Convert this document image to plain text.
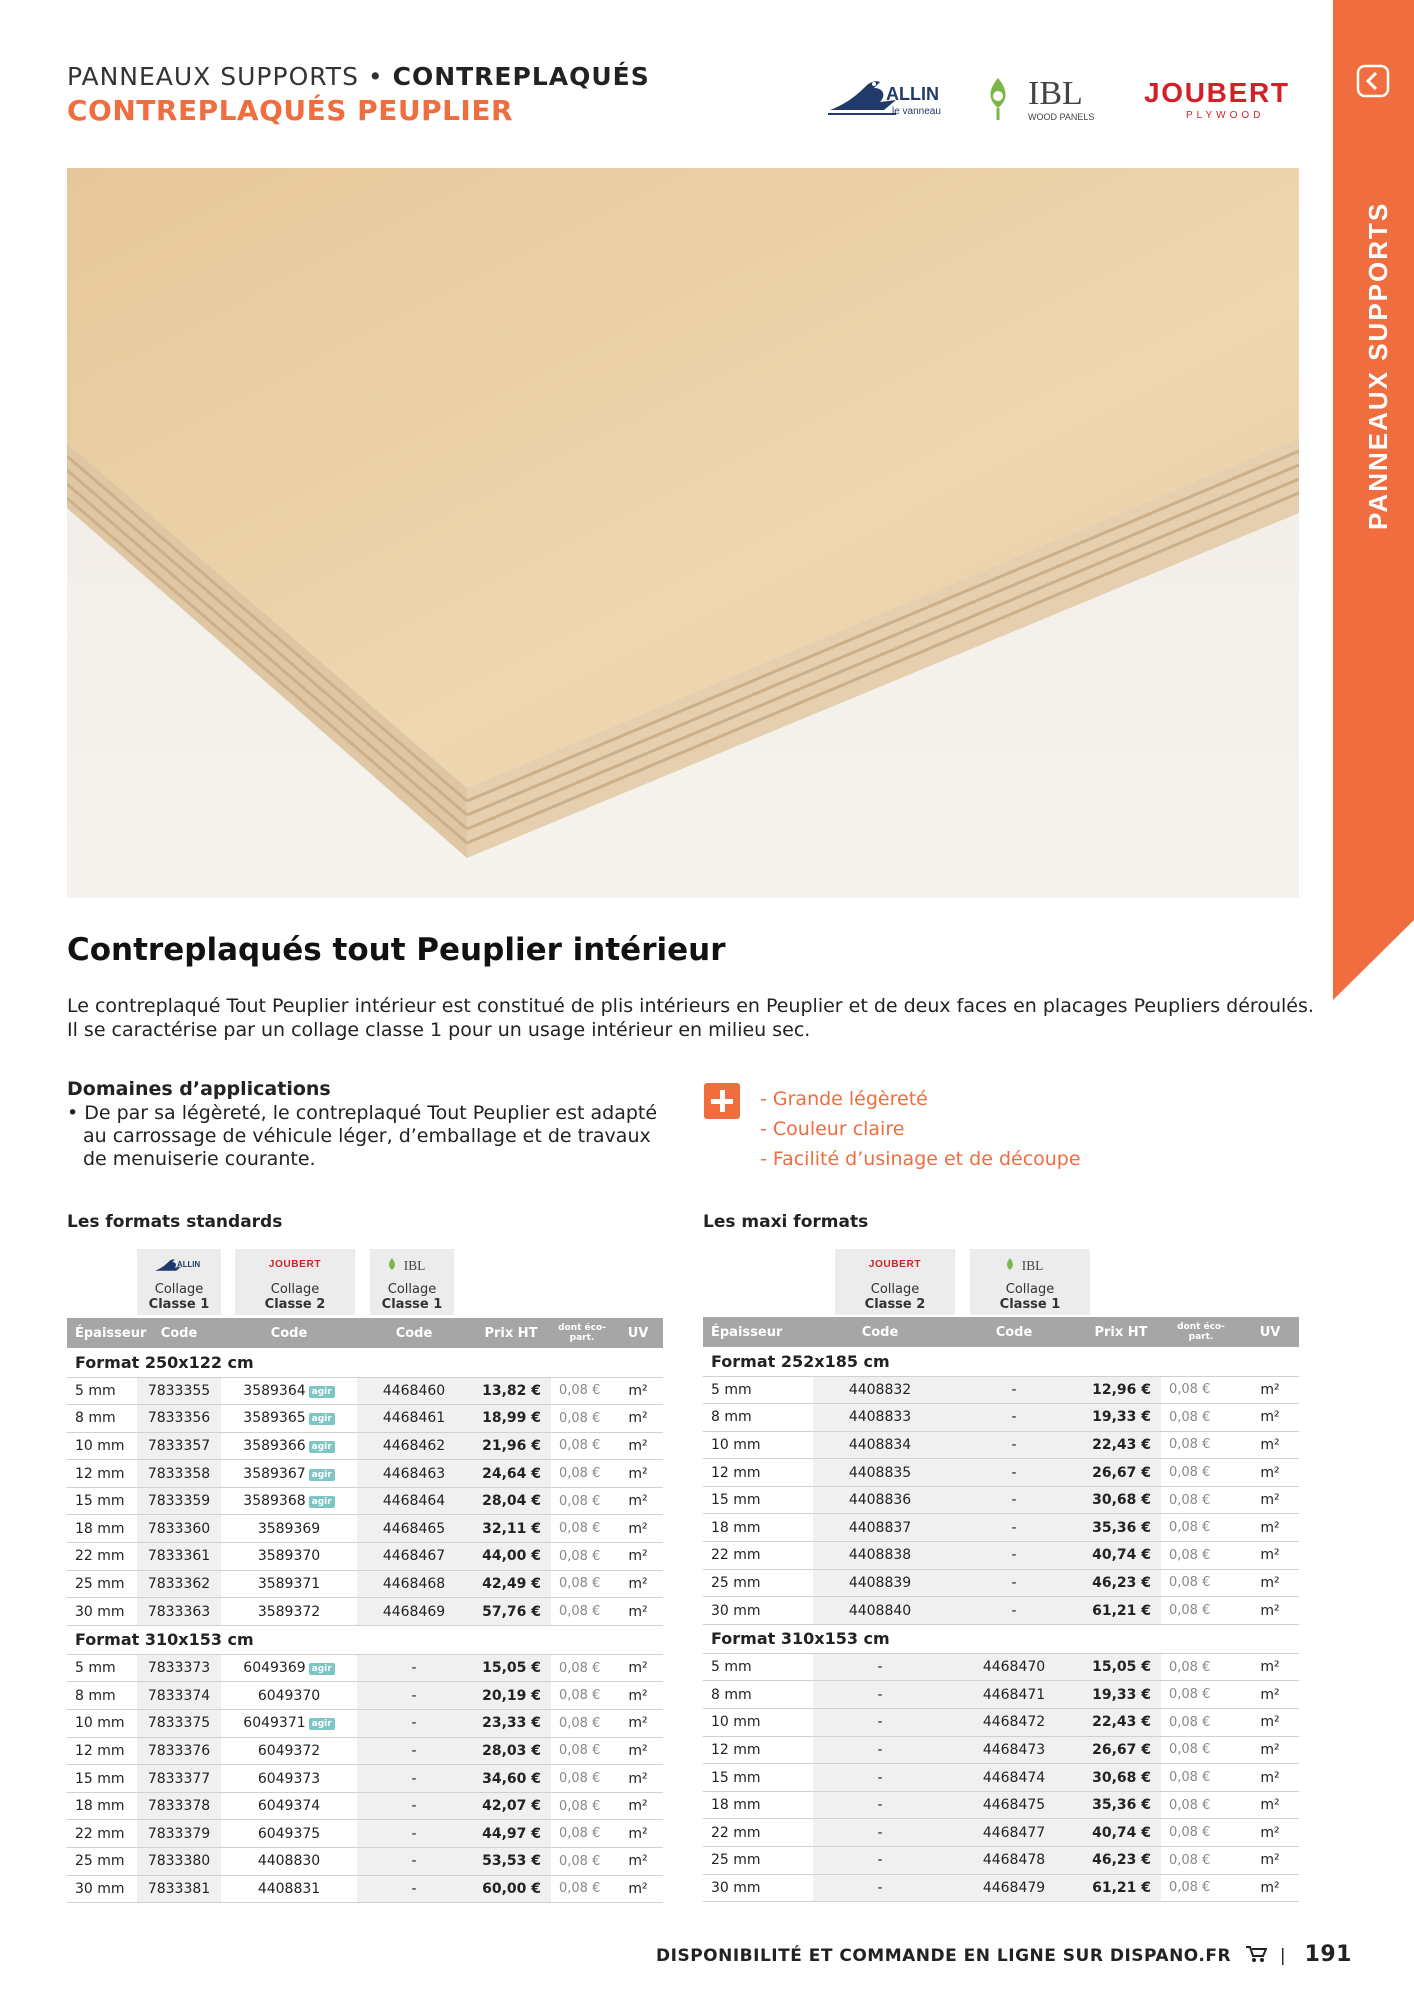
PANNEAUX SUPPORTS • CONTREPLAQUÉS
CONTREPLAQUÉS PEUPLIER	ALLIN
le vanneau	IBL
WOOD PANELS
JOUBERT
PLYWOOD
PANNEAUX SUPPORTS
Contreplaqués tout Peuplier intérieur
Le contreplaqué Tout Peuplier intérieur est constitué de plis intérieurs en Peuplier et de deux faces en placages Peupliers déroulés. Il se caractérise par un collage classe 1 pour un usage intérieur en milieu sec.
Domaines d’applications
• De par sa légèreté, le contreplaqué Tout Peuplier est adapté au carrossage de véhicule léger, d’emballage et de travaux de menuiserie courante.
- Grande légèreté
- Couleur claire
- Facilité d’usinage et de découpe
Les formats standards
ALLIN
Collage
Classe 1
JOUBERT
Collage
Classe 2
IBL
Collage
Classe 1
Épaisseur	Code	Code	Code	Prix HT	dont éco-part.	UV
Format 250x122 cm						
5 mm	7833355	3589364 agir	4468460	13,82 €	0,08 €	m²
8 mm	7833356	3589365 agir	4468461	18,99 €	0,08 €	m²
10 mm	7833357	3589366 agir	4468462	21,96 €	0,08 €	m²
12 mm	7833358	3589367 agir	4468463	24,64 €	0,08 €	m²
15 mm	7833359	3589368 agir	4468464	28,04 €	0,08 €	m²
18 mm	7833360	3589369	4468465	32,11 €	0,08 €	m²
22 mm	7833361	3589370	4468467	44,00 €	0,08 €	m²
25 mm	7833362	3589371	4468468	42,49 €	0,08 €	m²
30 mm	7833363	3589372	4468469	57,76 €	0,08 €	m²
Format 310x153 cm						
5 mm	7833373	6049369 agir	-	15,05 €	0,08 €	m²
8 mm	7833374	6049370	-	20,19 €	0,08 €	m²
10 mm	7833375	6049371 agir	-	23,33 €	0,08 €	m²
12 mm	7833376	6049372	-	28,03 €	0,08 €	m²
15 mm	7833377	6049373	-	34,60 €	0,08 €	m²
18 mm	7833378	6049374	-	42,07 €	0,08 €	m²
22 mm	7833379	6049375	-	44,97 €	0,08 €	m²
25 mm	7833380	4408830	-	53,53 €	0,08 €	m²
30 mm	7833381	4408831	-	60,00 €	0,08 €	m²
Les maxi formats
JOUBERT
Collage
Classe 2
IBL
Collage
Classe 1
Épaisseur	Code	Code	Prix HT	dont éco-part.	UV
Format 252x185 cm					
5 mm	4408832	-	12,96 €	0,08 €	m²
8 mm	4408833	-	19,33 €	0,08 €	m²
10 mm	4408834	-	22,43 €	0,08 €	m²
12 mm	4408835	-	26,67 €	0,08 €	m²
15 mm	4408836	-	30,68 €	0,08 €	m²
18 mm	4408837	-	35,36 €	0,08 €	m²
22 mm	4408838	-	40,74 €	0,08 €	m²
25 mm	4408839	-	46,23 €	0,08 €	m²
30 mm	4408840	-	61,21 €	0,08 €	m²
Format 310x153 cm					
5 mm	-	4468470	15,05 €	0,08 €	m²
8 mm	-	4468471	19,33 €	0,08 €	m²
10 mm	-	4468472	22,43 €	0,08 €	m²
12 mm	-	4468473	26,67 €	0,08 €	m²
15 mm	-	4468474	30,68 €	0,08 €	m²
18 mm	-	4468475	35,36 €	0,08 €	m²
22 mm	-	4468477	40,74 €	0,08 €	m²
25 mm	-	4468478	46,23 €	0,08 €	m²
30 mm	-	4468479	61,21 €	0,08 €	m²
DISPONIBILITÉ ET COMMANDE EN LIGNE SUR DISPANO.FR	| 191
